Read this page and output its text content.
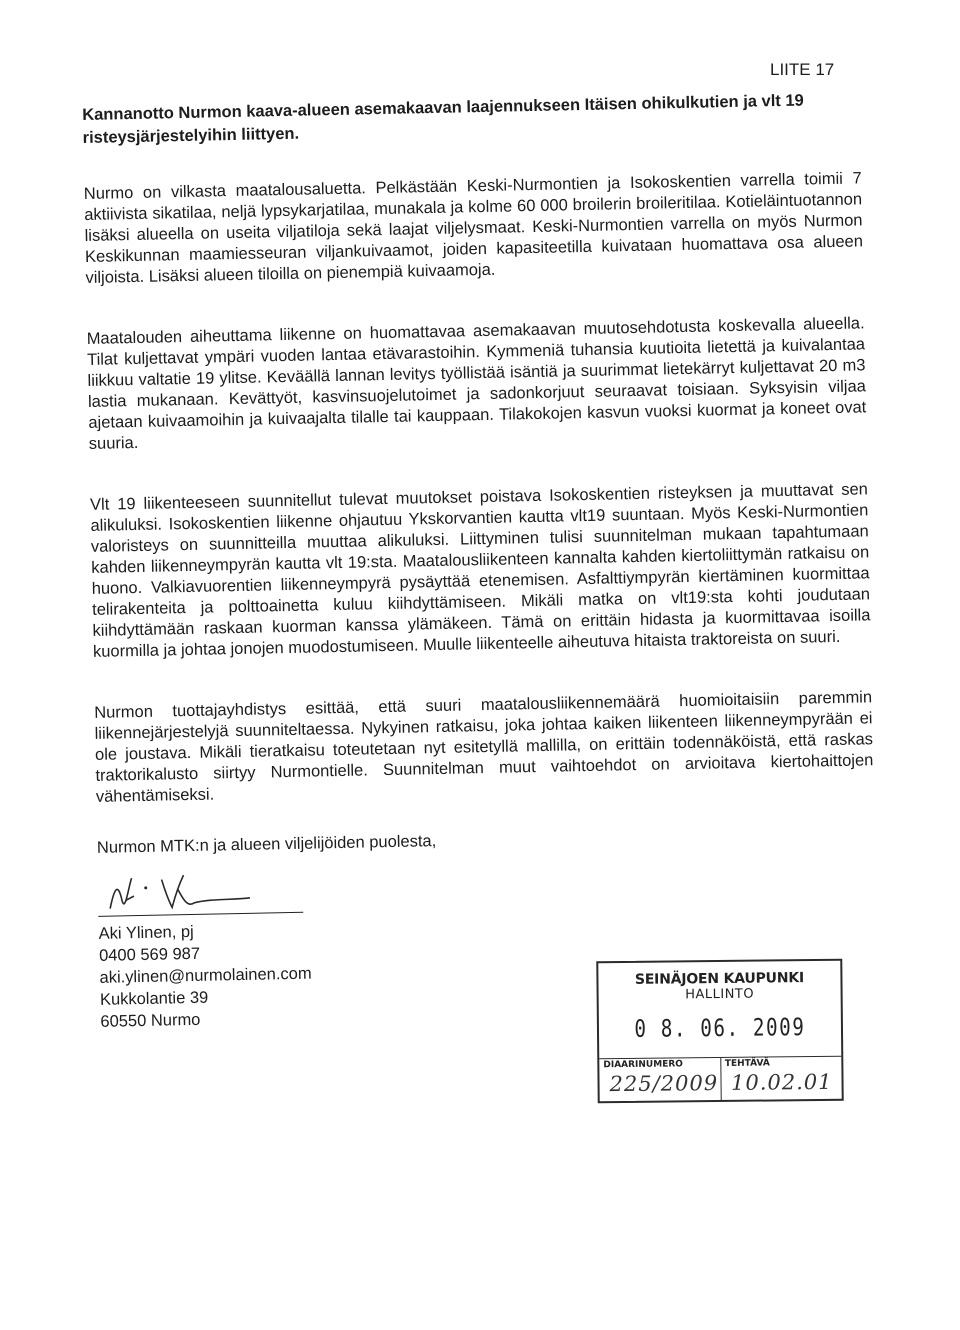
LIITE 17
Kannanotto Nurmon kaava-alueen asemakaavan laajennukseen Itäisen ohikulkutien ja vlt 19 risteysjärjestelyihin liittyen.

Nurmo on vilkasta maatalousaluetta. Pelkästään Keski-Nurmontien ja Isokoskentien varrella toimii 7 aktiivista sikatilaa, neljä lypsykarjatilaa, munakala ja kolme 60 000 broilerin broileritilaa. Kotieläintuotannon lisäksi alueella on useita viljatiloja sekä laajat viljelysmaat. Keski-Nurmontien varrella on myös Nurmon Keskikunnan maamiesseuran viljankuivaamot, joiden kapasiteetilla kuivataan huomattava osa alueen viljoista. Lisäksi alueen tiloilla on pienempiä kuivaamoja.

Maatalouden aiheuttama liikenne on huomattavaa asemakaavan muutosehdotusta koskevalla alueella. Tilat kuljettavat ympäri vuoden lantaa etävarastoihin. Kymmeniä tuhansia kuutioita lietettä ja kuivalantaa liikkuu valtatie 19 ylitse. Keväällä lannan levitys työllistää isäntiä ja suurimmat lietekärryt kuljettavat 20 m3 lastia mukanaan. Kevättyöt, kasvinsuojelutoimet ja sadonkorjuut seuraavat toisiaan. Syksyisin viljaa ajetaan kuivaamoihin ja kuivaajalta tilalle tai kauppaan. Tilakokojen kasvun vuoksi kuormat ja koneet ovat suuria.

Vlt 19 liikenteeseen suunnitellut tulevat muutokset poistava Isokoskentien risteyksen ja muuttavat sen alikuluksi. Isokoskentien liikenne ohjautuu Ykskorvantien kautta vlt19 suuntaan. Myös Keski-Nurmontien valoristeys on suunnitteilla muuttaa alikuluksi. Liittyminen tulisi suunnitelman mukaan tapahtumaan kahden liikenneympyrän kautta vlt 19:sta. Maatalousliikenteen kannalta kahden kiertoliittymän ratkaisu on huono. Valkiavuorentien liikenneympyrä pysäyttää etenemisen. Asfalttiympyrän kiertäminen kuormittaa telirakenteita ja polttoainetta kuluu kiihdyttämiseen. Mikäli matka on vlt19:sta kohti joudutaan kiihdyttämään raskaan kuorman kanssa ylämäkeen. Tämä on erittäin hidasta ja kuormittavaa isoilla kuormilla ja johtaa jonojen muodostumiseen. Muulle liikenteelle aiheutuva hitaista traktoreista on suuri.

Nurmon tuottajayhdistys esittää, että suuri maatalousliikennemäärä huomioitaisiin paremmin liikennejärjestelyjä suunniteltaessa. Nykyinen ratkaisu, joka johtaa kaiken liikenteen liikenneympyrään ei ole joustava. Mikäli tieratkaisu toteutetaan nyt esitetyllä mallilla, on erittäin todennäköistä, että raskas traktorikalusto siirtyy Nurmontielle. Suunnitelman muut vaihtoehdot on arvioitava kiertohaittojen vähentämiseksi.

Nurmon MTK:n ja alueen viljelijöiden puolesta,
Aki Ylinen, pj
0400 569 987
aki.ylinen@nurmolainen.com
Kukkolantie 39
60550 Nurmo
SEINÄJOEN KAUPUNKI
HALLINTO
0 8. 06. 2009
DIAARINUMERO
225/2009
TEHTÄVÄ
10.02.01
